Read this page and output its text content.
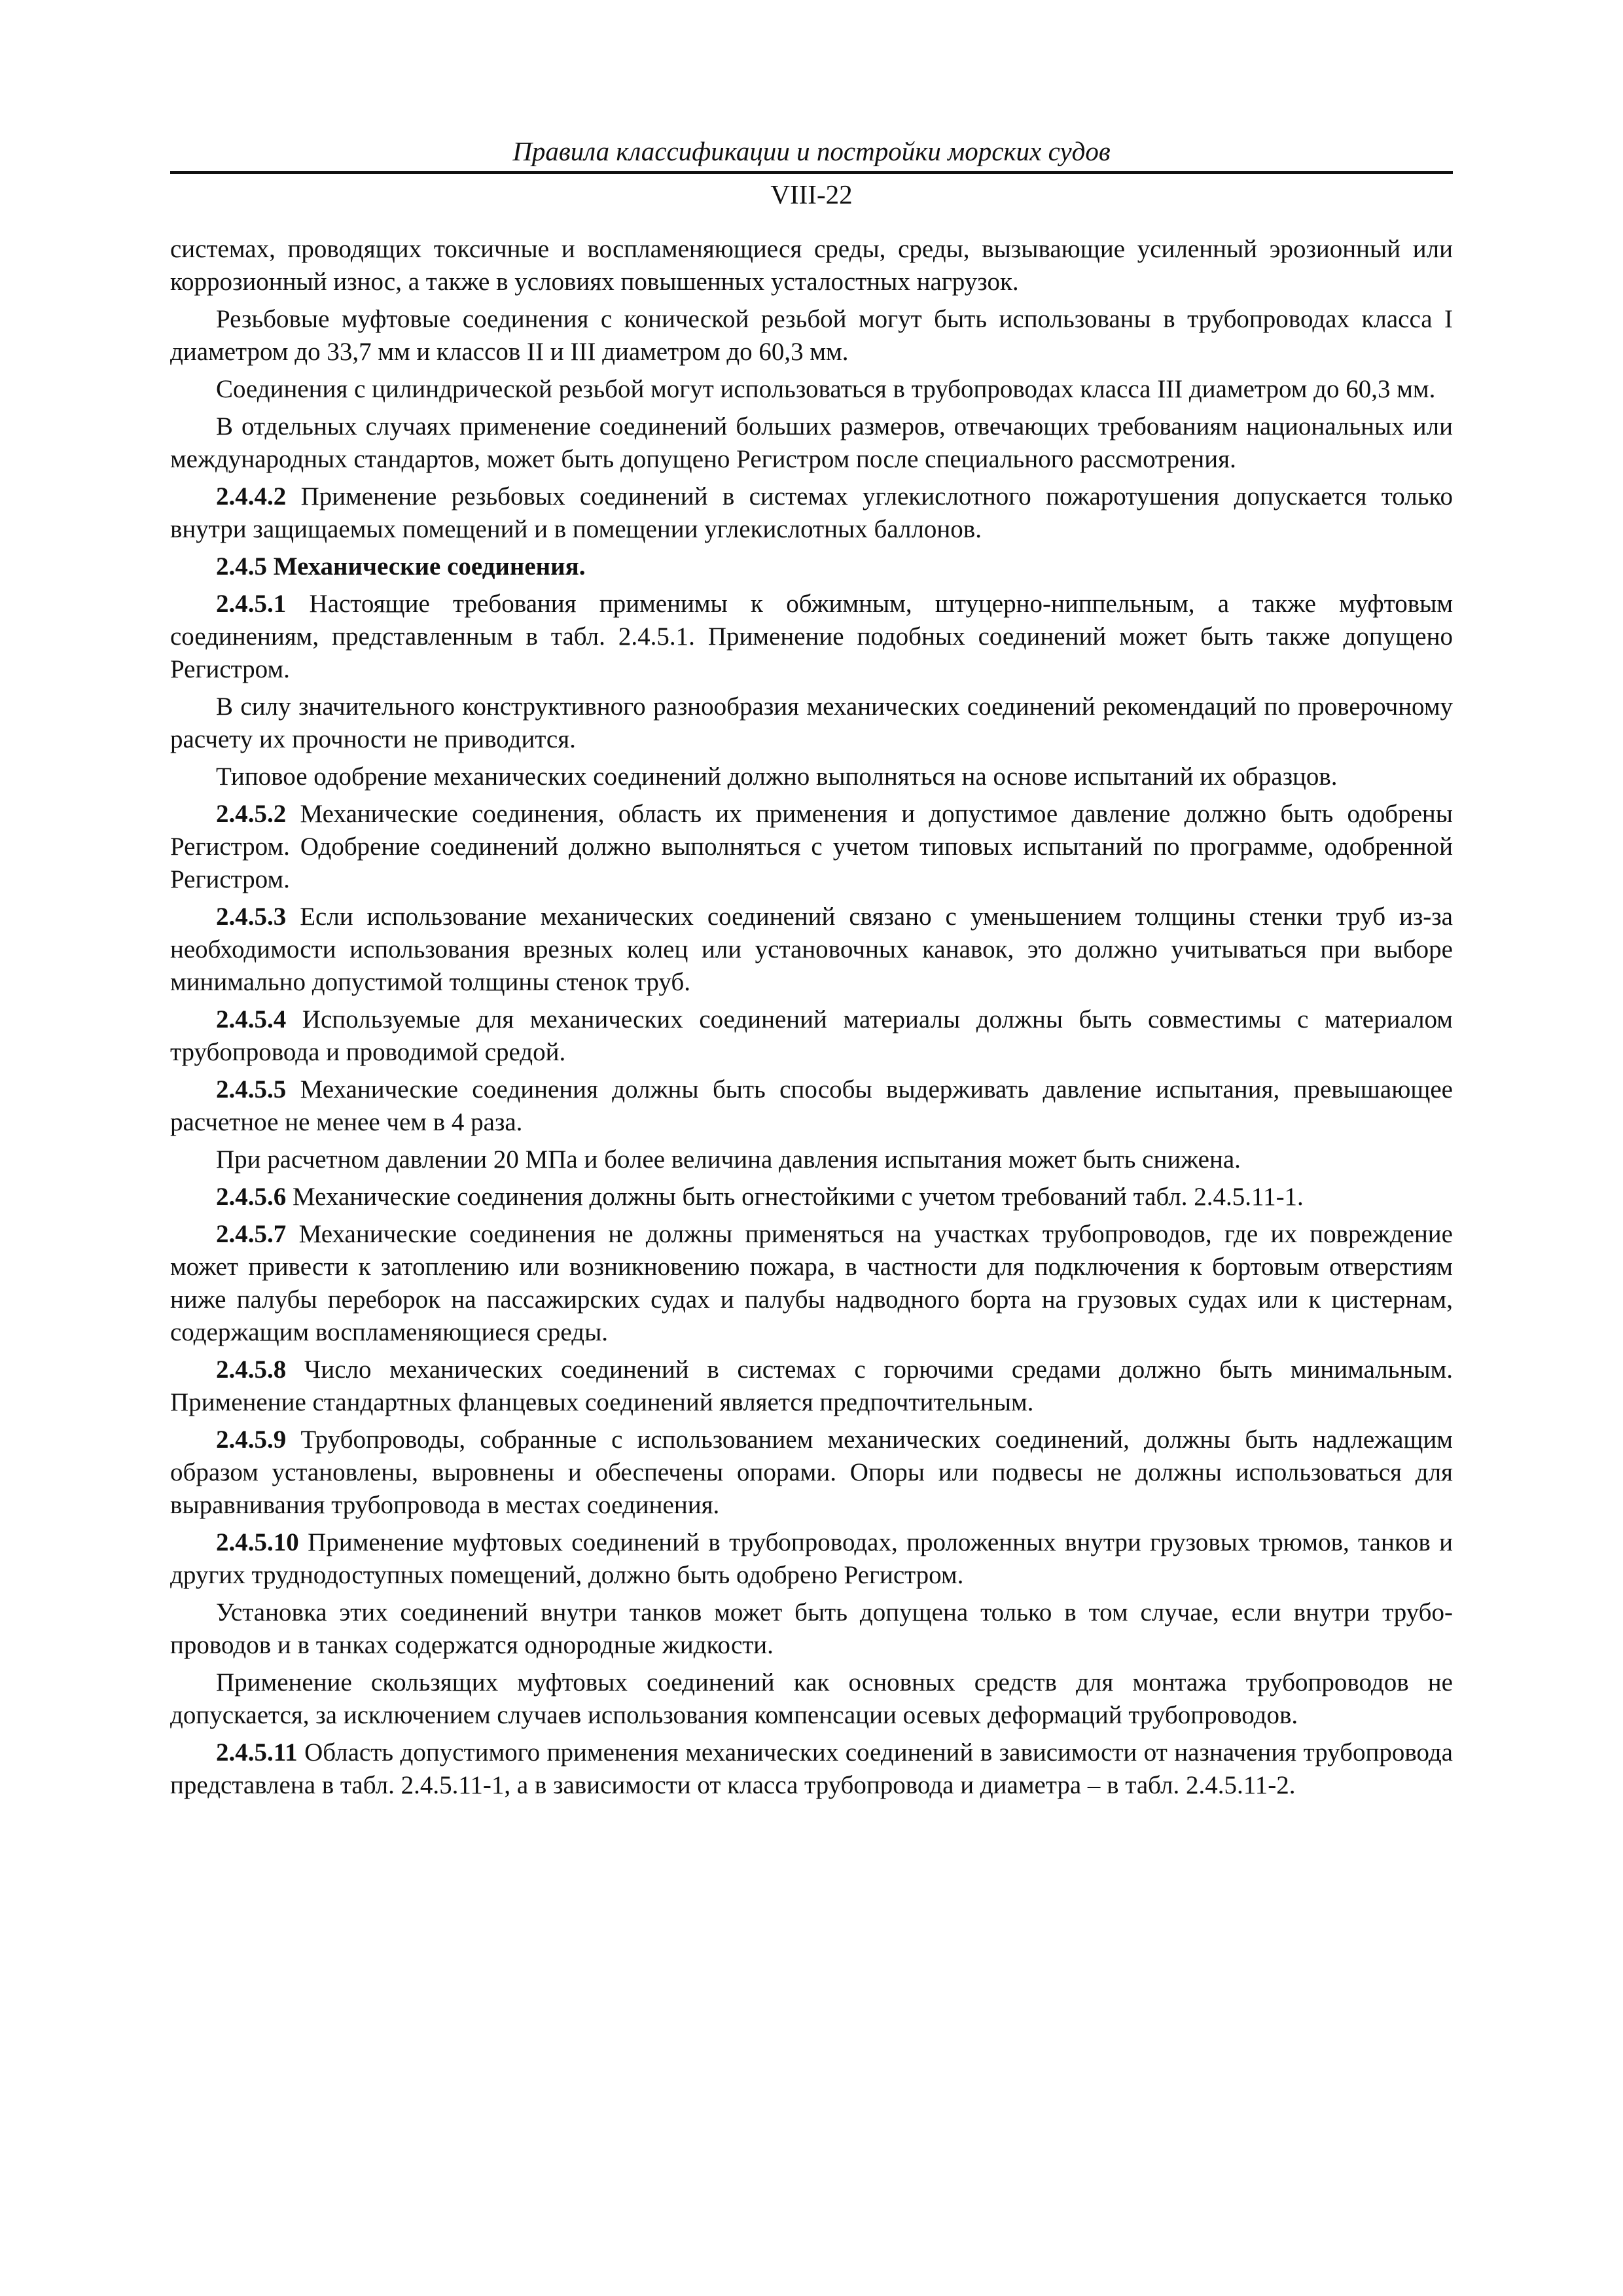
Правила классификации и постройки морских судов
VIII-22

системах, проводящих токсичные и воспламеняющиеся среды, среды, вызывающие усиленный эрозионный или коррозионный износ, а также в условиях повышенных усталостных нагрузок.

Резьбовые муфтовые соединения с конической резьбой могут быть использованы в трубопроводах класса I диаметром до 33,7 мм и классов II и III диаметром до 60,3 мм.

Соединения с цилиндрической резьбой могут использоваться в трубопроводах класса III диаметром до 60,3 мм.

В отдельных случаях применение соединений больших размеров, отвечающих требованиям национальных или международных стандартов, может быть допущено Регистром после специального рассмотрения.

2.4.4.2 Применение резьбовых соединений в системах углекислотного пожаротушения допускается только внутри защищаемых помещений и в помещении углекислотных баллонов.

2.4.5 Механические соединения.

2.4.5.1 Настоящие требования применимы к обжимным, штуцерно-ниппельным, а также муфтовым соединениям, представленным в табл. 2.4.5.1. Применение подобных соединений может быть также допущено Регистром.

В силу значительного конструктивного разнообразия механических соединений рекомендаций по проверочному расчету их прочности не приводится.

Типовое одобрение механических соединений должно выполняться на основе испытаний их образцов.

2.4.5.2 Механические соединения, область их применения и допустимое давление должно быть одобрены Регистром. Одобрение соединений должно выполняться с учетом типовых испытаний по программе, одобренной Регистром.

2.4.5.3 Если использование механических соединений связано с уменьшением толщины стенки труб из-за необходимости использования врезных колец или установочных канавок, это должно учитываться при выборе минимально допустимой толщины стенок труб.

2.4.5.4 Используемые для механических соединений материалы должны быть совместимы с материалом трубопровода и проводимой средой.

2.4.5.5 Механические соединения должны быть способы выдерживать давление испытания, превышающее расчетное не менее чем в 4 раза.

При расчетном давлении 20 МПа и более величина давления испытания может быть снижена.

2.4.5.6 Механические соединения должны быть огнестойкими с учетом требований табл. 2.4.5.11-1.

2.4.5.7 Механические соединения не должны применяться на участках трубопроводов, где их повреждение может привести к затоплению или возникновению пожара, в частности для подключения к бортовым отверстиям ниже палубы переборок на пассажирских судах и палубы надводного борта на грузовых судах или к цистернам, содержащим воспламеняющиеся среды.

2.4.5.8 Число механических соединений в системах с горючими средами должно быть минимальным. Применение стандартных фланцевых соединений является предпочтительным.

2.4.5.9 Трубопроводы, собранные с использованием механических соединений, должны быть надлежащим образом установлены, выровнены и обеспечены опорами. Опоры или подвесы не должны использоваться для выравнивания трубопровода в местах соединения.

2.4.5.10 Применение муфтовых соединений в трубопроводах, проложенных внутри грузовых трюмов, танков и других труднодоступных помещений, должно быть одобрено Регистром.

Установка этих соединений внутри танков может быть допущена только в том случае, если внутри трубо-проводов и в танках содержатся однородные жидкости.

Применение скользящих муфтовых соединений как основных средств для монтажа трубопроводов не допускается, за исключением случаев использования компенсации осевых деформаций трубопроводов.

2.4.5.11 Область допустимого применения механических соединений в зависимости от назначения трубопровода представлена в табл. 2.4.5.11-1, а в зависимости от класса трубопровода и диаметра – в табл. 2.4.5.11-2.
